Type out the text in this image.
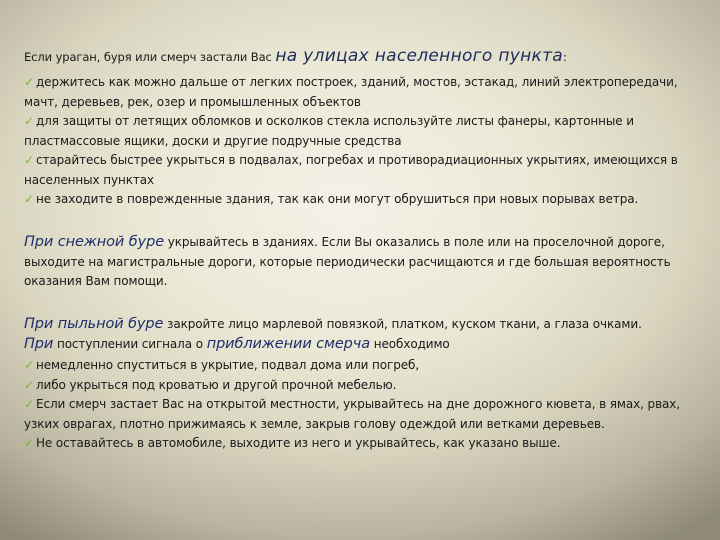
Если ураган, буря или смерч застали Вас на улицах населенного пункта:
✓ держитесь как можно дальше от легких построек, зданий, мостов, эстакад, линий электропередачи, мачт, деревьев, рек, озер и промышленных объектов
✓ для защиты от летящих обломков и осколков стекла используйте листы фанеры, картонные и пластмассовые ящики, доски и другие подручные средства
✓ старайтесь быстрее укрыться в подвалах, погребах и противорадиационных укрытиях, имеющихся в населенных пунктах
✓ не заходите в поврежденные здания, так как они могут обрушиться при новых порывах ветра.
При снежной буре укрывайтесь в зданиях. Если Вы оказались в поле или на проселочной дороге, выходите на магистральные дороги, которые периодически расчищаются и где большая вероятность оказания Вам помощи.
При пыльной буре закройте лицо марлевой повязкой, платком, куском ткани, а глаза очками.
При поступлении сигнала о приближении смерча необходимо
✓ немедленно спуститься в укрытие, подвал дома или погреб,
✓ либо укрыться под кроватью и другой прочной мебелью.
✓ Если смерч застает Вас на открытой местности, укрывайтесь на дне дорожного кювета, в ямах, рвах, узких оврагах, плотно прижимаясь к земле, закрыв голову одеждой или ветками деревьев.
✓ Не оставайтесь в автомобиле, выходите из него и укрывайтесь, как указано выше.
